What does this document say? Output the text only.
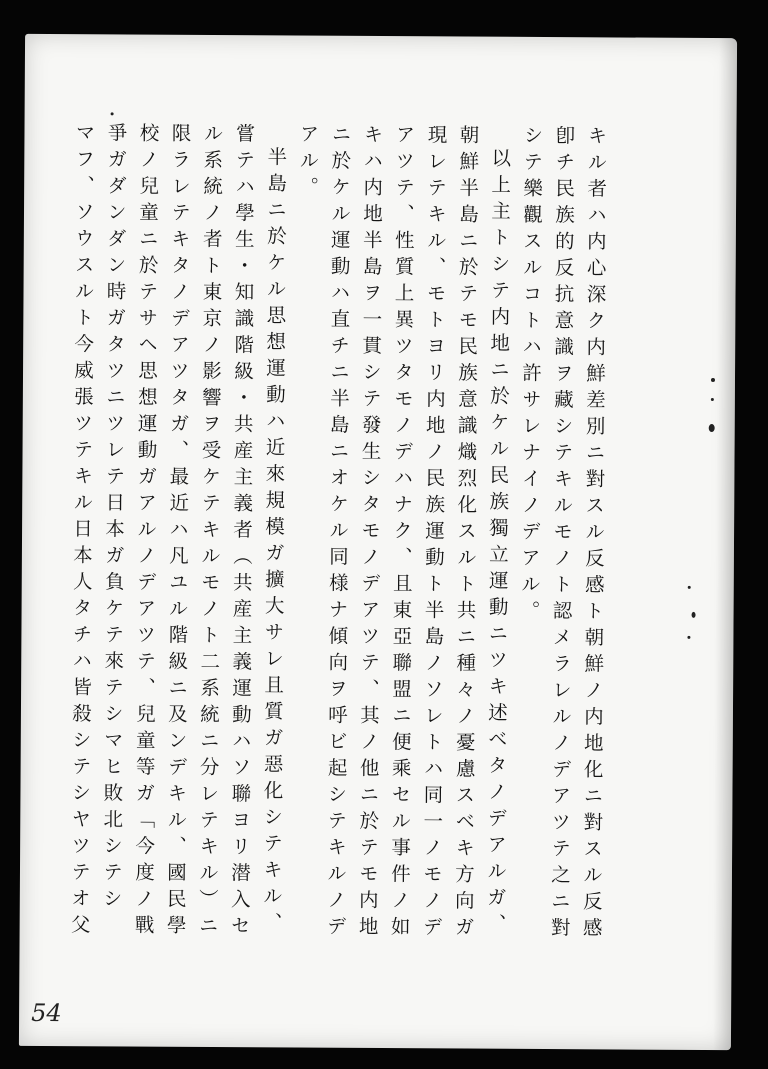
キル者ハ内心深ク内鮮差別ニ對スル反感ト朝鮮ノ内地化ニ對スル反感

卽チ民族的反抗意識ヲ藏シテキルモノト認メラレルノデアツテ之ニ對

シテ樂觀スルコトハ許サレナイノデアル。

以上主トシテ内地ニ於ケル民族獨立運動ニツキ述ベタノデアルガ、

朝鮮半島ニ於テモ民族意識熾烈化スルト共ニ種々ノ憂慮スベキ方向ガ

現レテキル、モトヨリ内地ノ民族運動ト半島ノソレトハ同一ノモノデ

アツテ、性質上異ツタモノデハナク、且東亞聯盟ニ便乘セル事件ノ如

キハ内地半島ヲ一貫シテ發生シタモノデアツテ、其ノ他ニ於テモ内地

ニ於ケル運動ハ直チニ半島ニオケル同様ナ傾向ヲ呼ビ起シテキルノデ

アル。

半島ニ於ケル思想運動ハ近來規模ガ擴大サレ且質ガ惡化シテキル、

嘗テハ學生・知識階級・共産主義者（共産主義運動ハソ聯ヨリ潜入セ

ル系統ノ者ト東京ノ影響ヲ受ケテキルモノト二系統ニ分レテキル）ニ

限ラレテキタノデアツタガ、最近ハ凡ユル階級ニ及ンデキル、國民學

校ノ兒童ニ於テサヘ思想運動ガアルノデアツテ、兒童等ガ「今度ノ戰

爭ガダンダン時ガタツニツレテ日本ガ負ケテ來テシマヒ敗北シテシ

マフ、ソウスルト今威張ツテキル日本人タチハ皆殺シテシヤツテオ父

54
